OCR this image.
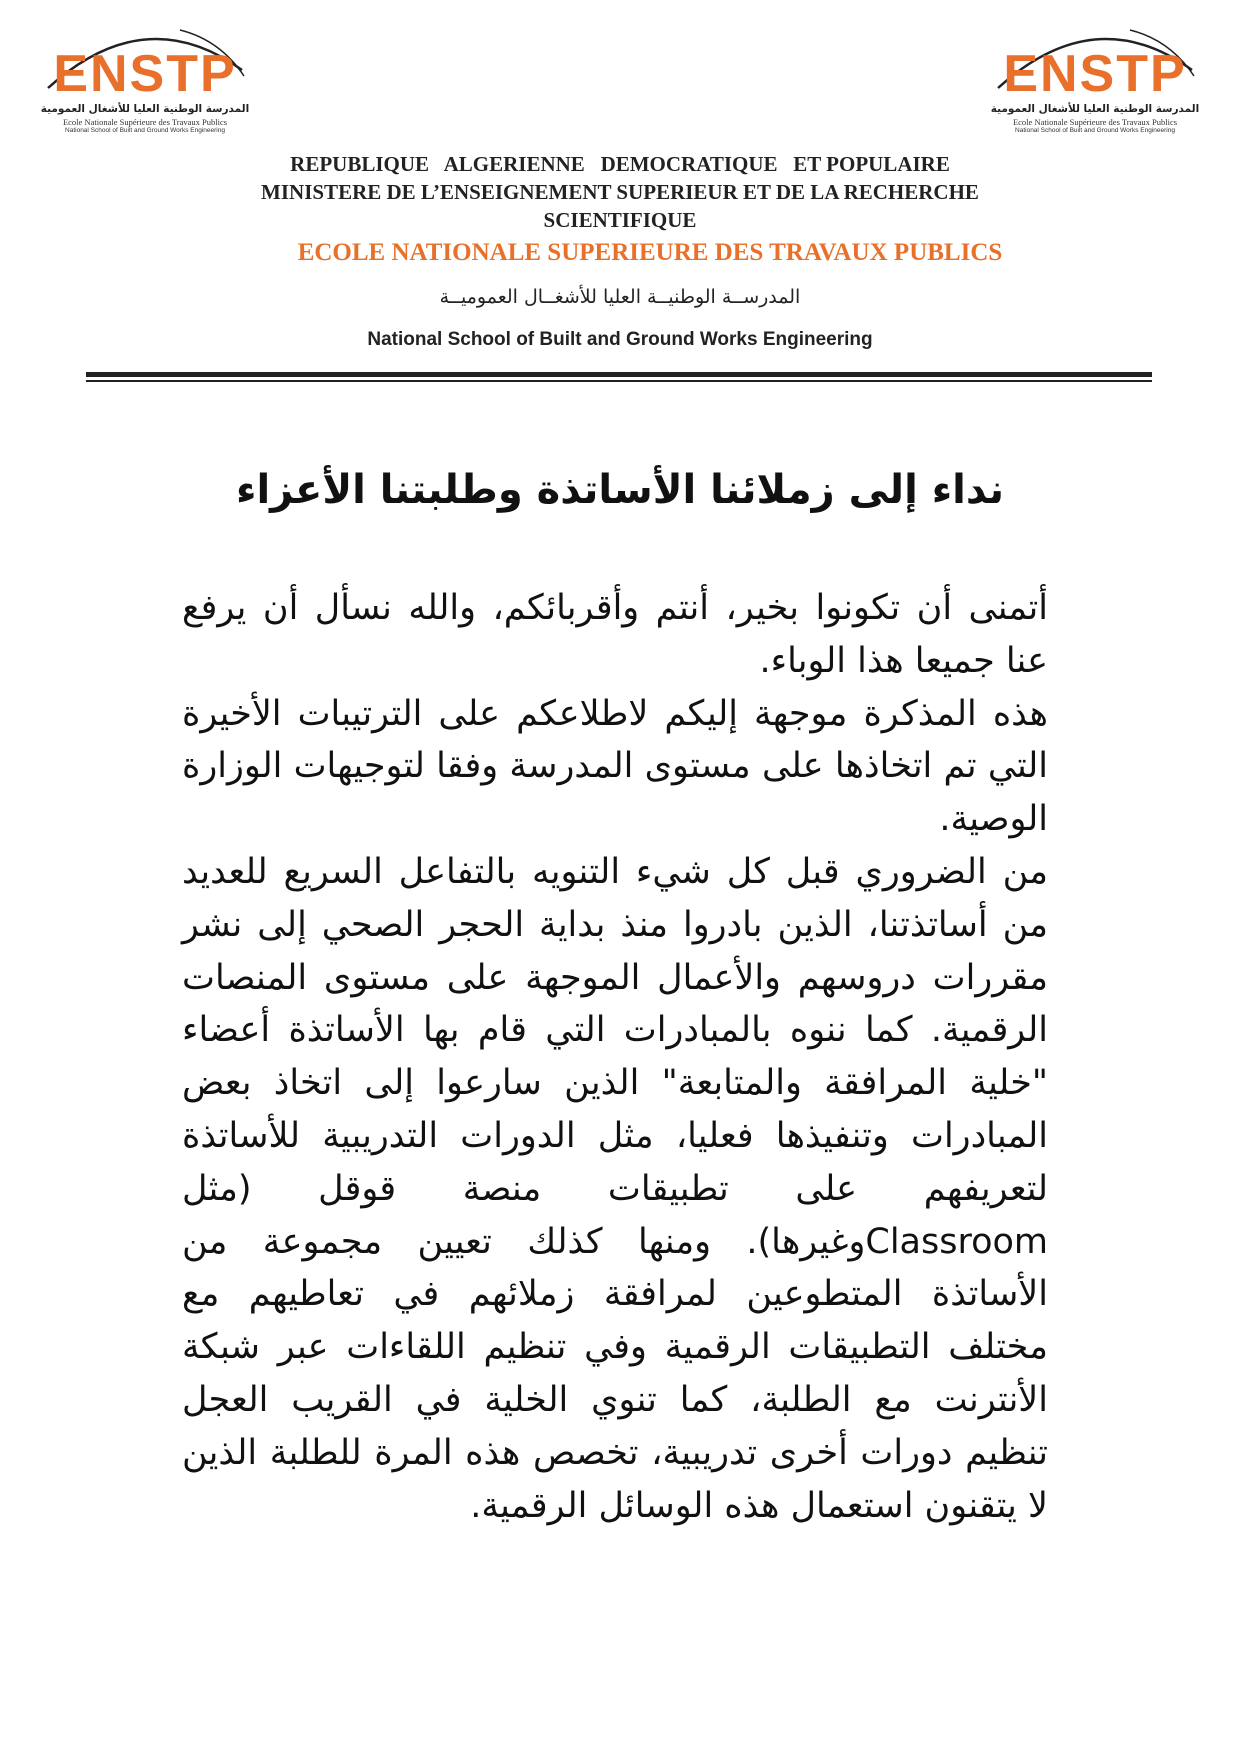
ENSTP
المدرسة الوطنية العليا للأشغال العمومية
Ecole Nationale Supérieure des Travaux Publics
National School of Built and Ground Works Engineering
ENSTP
المدرسة الوطنية العليا للأشغال العمومية
Ecole Nationale Supérieure des Travaux Publics
National School of Built and Ground Works Engineering
REPUBLIQUE   ALGERIENNE   DEMOCRATIQUE   ET POPULAIRE
MINISTERE DE L’ENSEIGNEMENT SUPERIEUR ET DE LA RECHERCHE
SCIENTIFIQUE
ECOLE NATIONALE SUPERIEURE DES TRAVAUX PUBLICS
المدرســة الوطنيــة العليا للأشغــال العموميــة
National School of Built and Ground Works Engineering
نداء إلى زملائنا الأساتذة وطلبتنا الأعزاء

أتمنى أن تكونوا بخير، أنتم وأقربائكم، والله نسأل أن يرفع عنا جميعا هذا الوباء.

هذه المذكرة موجهة إليكم لاطلاعكم على الترتيبات الأخيرة التي تم اتخاذها على مستوى المدرسة وفقا لتوجيهات الوزارة الوصية.

من الضروري قبل كل شيء التنويه بالتفاعل السريع للعديد من أساتذتنا، الذين بادروا منذ بداية الحجر الصحي إلى نشر مقررات دروسهم والأعمال الموجهة على مستوى المنصات الرقمية. كما ننوه بالمبادرات التي قام بها الأساتذة أعضاء "خلية المرافقة والمتابعة" الذين سارعوا إلى اتخاذ بعض المبادرات وتنفيذها فعليا، مثل الدورات التدريبية للأساتذة لتعريفهم على تطبيقات منصة قوقل (مثل Classroomوغيرها). ومنها كذلك تعيين مجموعة من الأساتذة المتطوعين لمرافقة زملائهم في تعاطيهم مع مختلف التطبيقات الرقمية وفي تنظيم اللقاءات عبر شبكة الأنترنت مع الطلبة، كما تنوي الخلية في القريب العجل تنظيم دورات أخرى تدريبية، تخصص هذه المرة للطلبة الذين لا يتقنون استعمال هذه الوسائل الرقمية.
